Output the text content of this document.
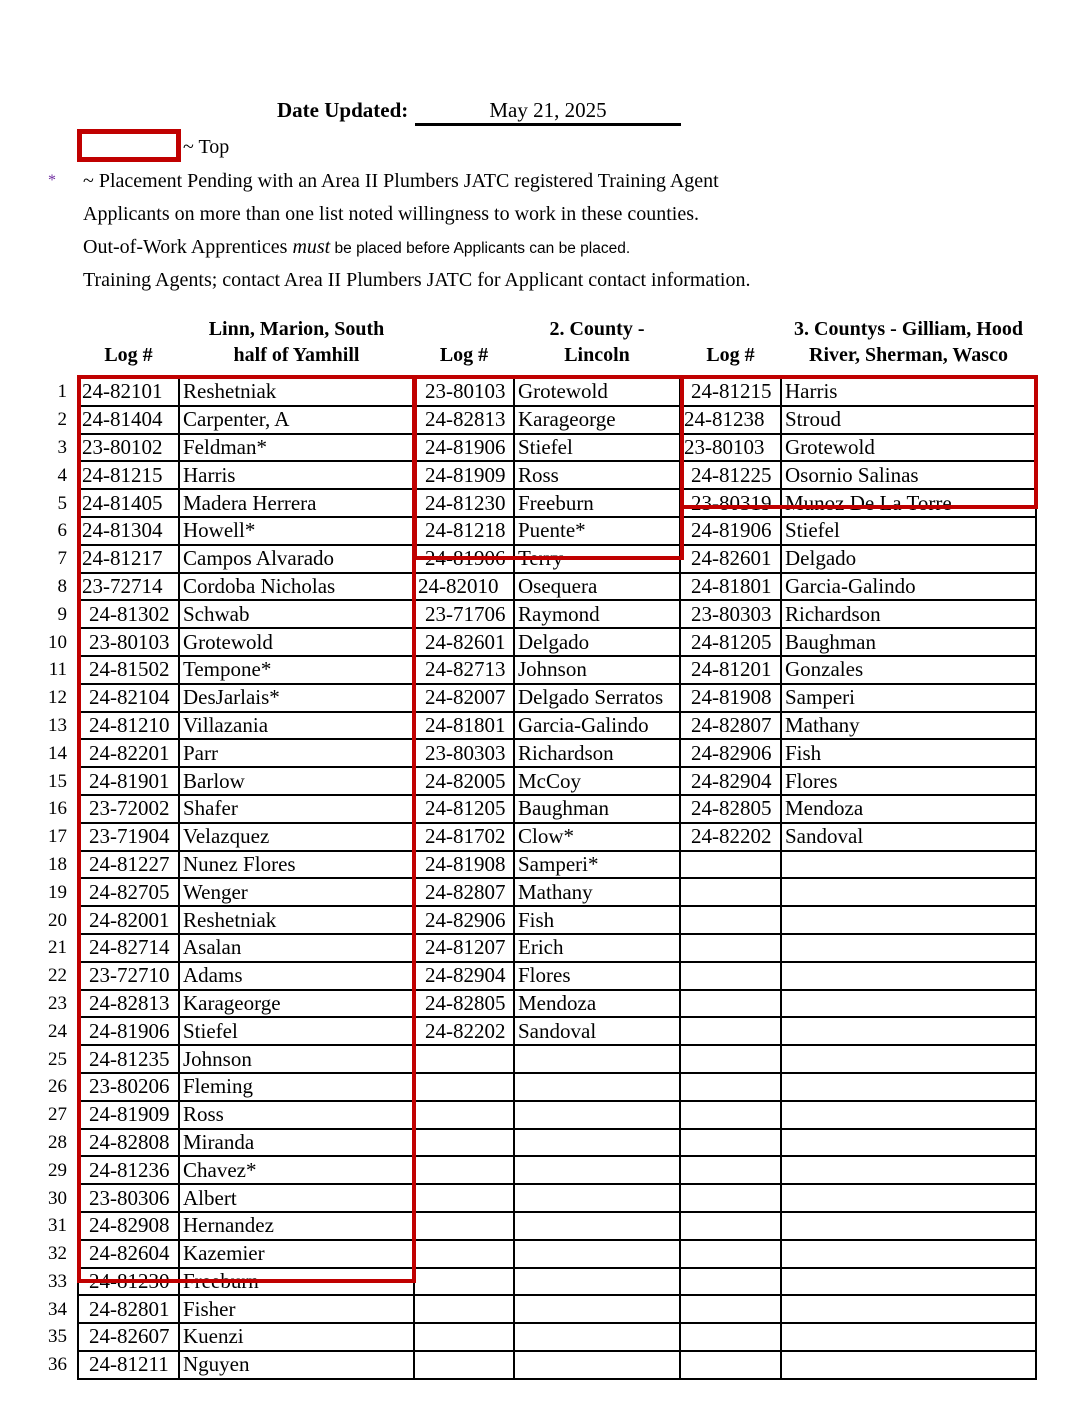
Date Updated:	May 21, 2025
~ Top
* ~ Placement Pending with an Area II Plumbers JATC registered Training Agent
Applicants on more than one list noted willingness to work in these counties.
Out-of-Work Apprentices must be placed before Applicants can be placed.
Training Agents; contact Area II Plumbers JATC for Applicant contact information.
Log #
Linn, Marion, South
half of Yamhill	Log #
2. County -
Lincoln	Log #
3. Countys - Gilliam, Hood
River, Sherman, Wasco
1	24-82101	Reshetniak	23-80103	Grotewold	24-81215	Harris
2	24-81404	Carpenter, A	24-82813	Karageorge	24-81238	Stroud
3	23-80102	Feldman*	24-81906	Stiefel	23-80103	Grotewold
4	24-81215	Harris	24-81909	Ross	24-81225	Osornio Salinas
5	24-81405	Madera Herrera	24-81230	Freeburn	23-80319	Munoz De La Torre
6	24-81304	Howell*	24-81218	Puente*	24-81906	Stiefel
7	24-81217	Campos Alvarado	24-81906	Terry	24-82601	Delgado
8	23-72714	Cordoba Nicholas	24-82010	Osequera	24-81801	Garcia-Galindo
9	24-81302	Schwab	23-71706	Raymond	23-80303	Richardson
10	23-80103	Grotewold	24-82601	Delgado	24-81205	Baughman
11	24-81502	Tempone*	24-82713	Johnson	24-81201	Gonzales
12	24-82104	DesJarlais*	24-82007	Delgado Serratos	24-81908	Samperi
13	24-81210	Villazania	24-81801	Garcia-Galindo	24-82807	Mathany
14	24-82201	Parr	23-80303	Richardson	24-82906	Fish
15	24-81901	Barlow	24-82005	McCoy	24-82904	Flores
16	23-72002	Shafer	24-81205	Baughman	24-82805	Mendoza
17	23-71904	Velazquez	24-81702	Clow*	24-82202	Sandoval
18	24-81227	Nunez Flores	24-81908	Samperi*		
19	24-82705	Wenger	24-82807	Mathany		
20	24-82001	Reshetniak	24-82906	Fish		
21	24-82714	Asalan	24-81207	Erich		
22	23-72710	Adams	24-82904	Flores		
23	24-82813	Karageorge	24-82805	Mendoza		
24	24-81906	Stiefel	24-82202	Sandoval		
25	24-81235	Johnson				
26	23-80206	Fleming				
27	24-81909	Ross				
28	24-82808	Miranda				
29	24-81236	Chavez*				
30	23-80306	Albert				
31	24-82908	Hernandez				
32	24-82604	Kazemier				
33	24-81230	Freeburn				
34	24-82801	Fisher				
35	24-82607	Kuenzi				
36	24-81211	Nguyen				
